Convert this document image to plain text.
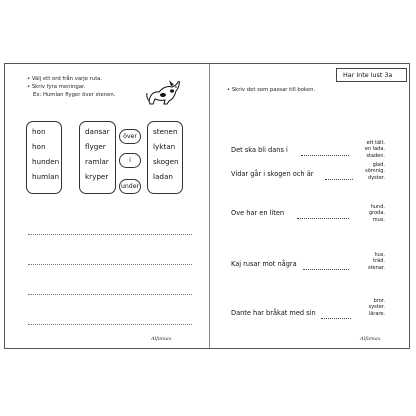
• Välj ett ord från varje ruta.
• Skriv fyra meningar.
Ex: Humlan flyger över stenen.
hon
hon
hunden
humlan
dansar
flyger
ramlar
kryper
över
i
under
stenen
lyktan
skogen
ladan
Alfamax
Har inte lust 3a
• Skriv det som passar till boken.
Det ska bli dans i
ett tält.
en lada.
staden.
Vidar går i skogen och är
glad.
sömnig.
dyster.
Ove har en liten
hund.
groda.
mus.
Kaj rusar mot några
hus.
träd.
stenar.
Dante har bråkat med sin
bror.
syster.
lärare.
Alfamax
